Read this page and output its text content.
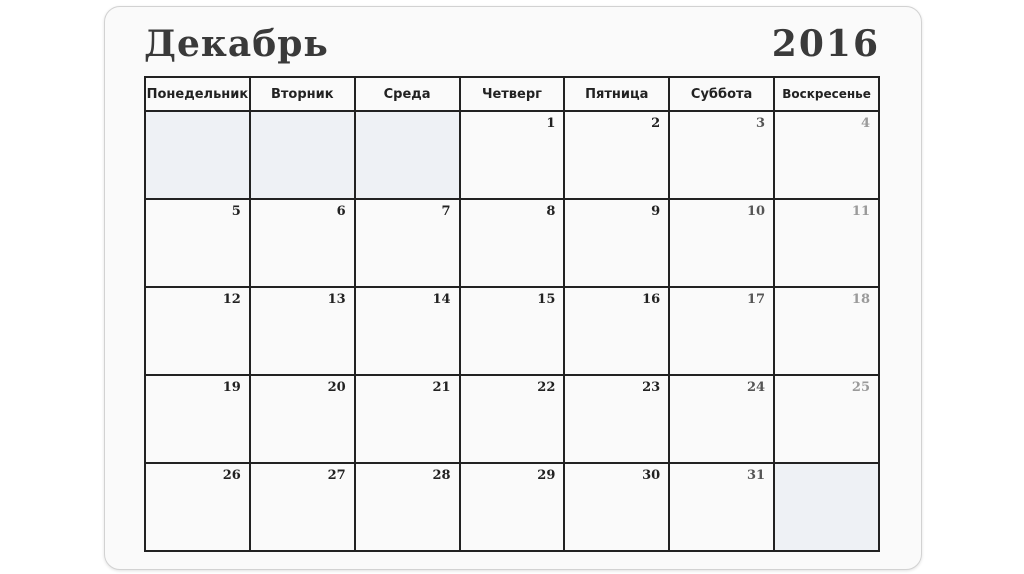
Декабрь	2016
Понедельник	Вторник	Среда	Четверг	Пятница	Суббота	Воскресенье
			1	2	3	4
5	6	7	8	9	10	11
12	13	14	15	16	17	18
19	20	21	22	23	24	25
26	27	28	29	30	31	
